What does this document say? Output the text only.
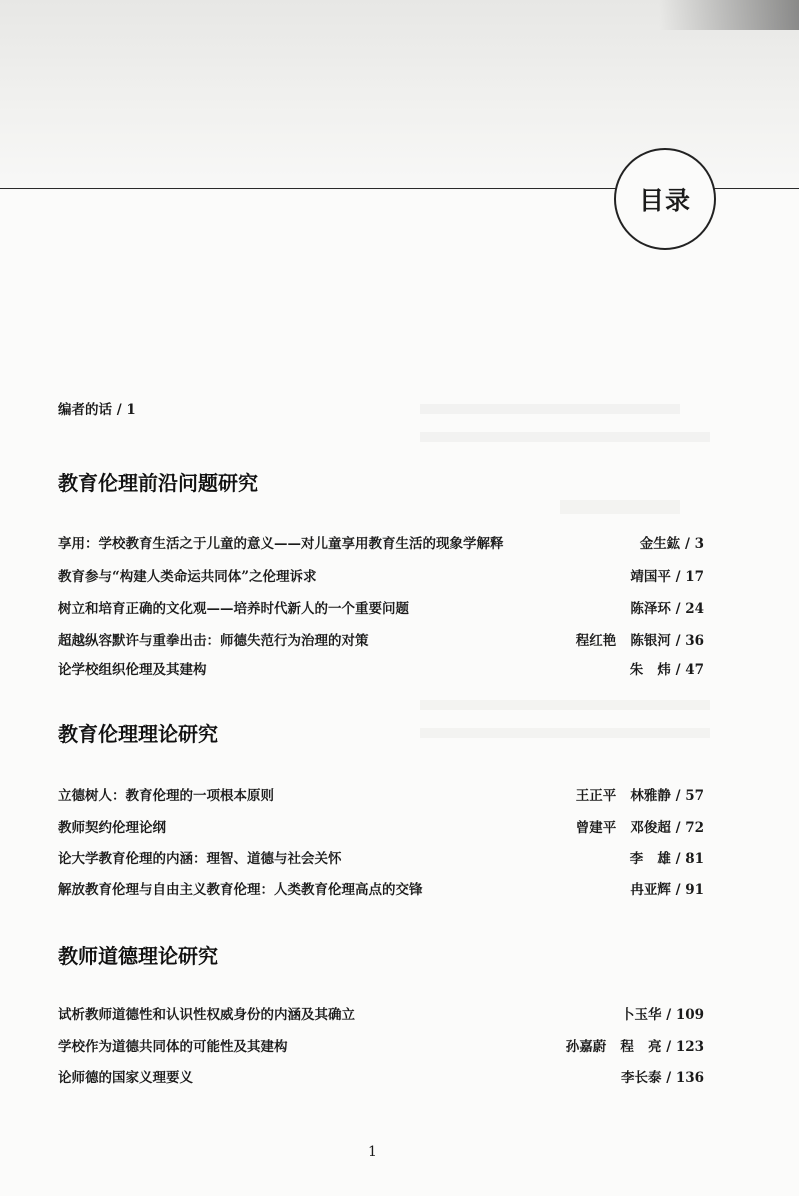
目录
编者的话 / 1
教育伦理前沿问题研究
享用：学校教育生活之于儿童的意义——对儿童享用教育生活的现象学解释	金生鈜 / 3
教育参与“构建人类命运共同体”之伦理诉求	靖国平 / 17
树立和培育正确的文化观——培养时代新人的一个重要问题	陈泽环 / 24
超越纵容默许与重拳出击：师德失范行为治理的对策	程红艳   陈银河 / 36
论学校组织伦理及其建构	朱   炜 / 47
教育伦理理论研究
立德树人：教育伦理的一项根本原则	王正平   林雅静 / 57
教师契约伦理论纲	曾建平   邓俊超 / 72
论大学教育伦理的内涵：理智、道德与社会关怀	李   雄 / 81
解放教育伦理与自由主义教育伦理：人类教育伦理高点的交锋	冉亚辉 / 91
教师道德理论研究
试析教师道德性和认识性权威身份的内涵及其确立	卜玉华 / 109
学校作为道德共同体的可能性及其建构	孙嘉蔚   程   亮 / 123
论师德的国家义理要义	李长泰 / 136
1
